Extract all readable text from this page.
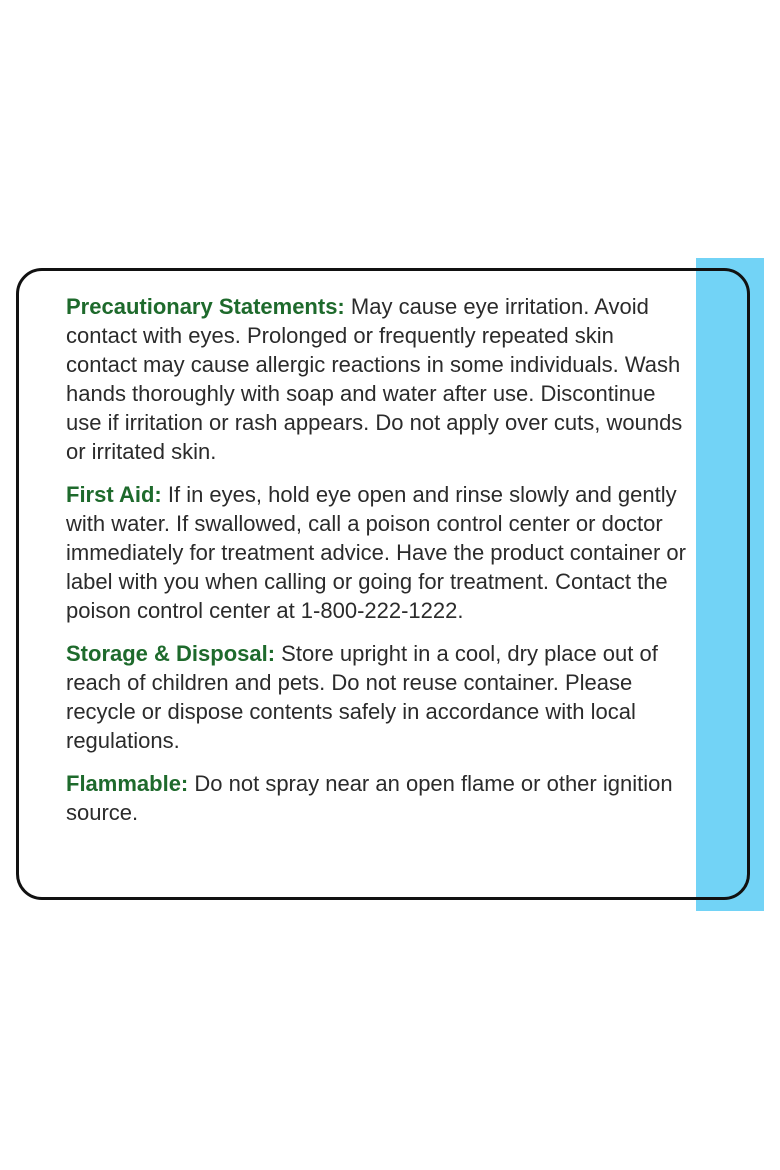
Precautionary Statements: May cause eye irritation. Avoid contact with eyes. Prolonged or frequently repeated skin contact may cause allergic reactions in some individuals. Wash hands thoroughly with soap and water after use. Discontinue use if irritation or rash appears. Do not apply over cuts, wounds or irritated skin.

First Aid: If in eyes, hold eye open and rinse slowly and gently with water. If swallowed, call a poison control center or doctor immediately for treatment advice. Have the product container or label with you when calling or going for treatment. Contact the poison control center at 1-800-222-1222.

Storage & Disposal: Store upright in a cool, dry place out of reach of children and pets. Do not reuse container. Please recycle or dispose contents safely in accordance with local regulations.

Flammable: Do not spray near an open flame or other ignition source.
